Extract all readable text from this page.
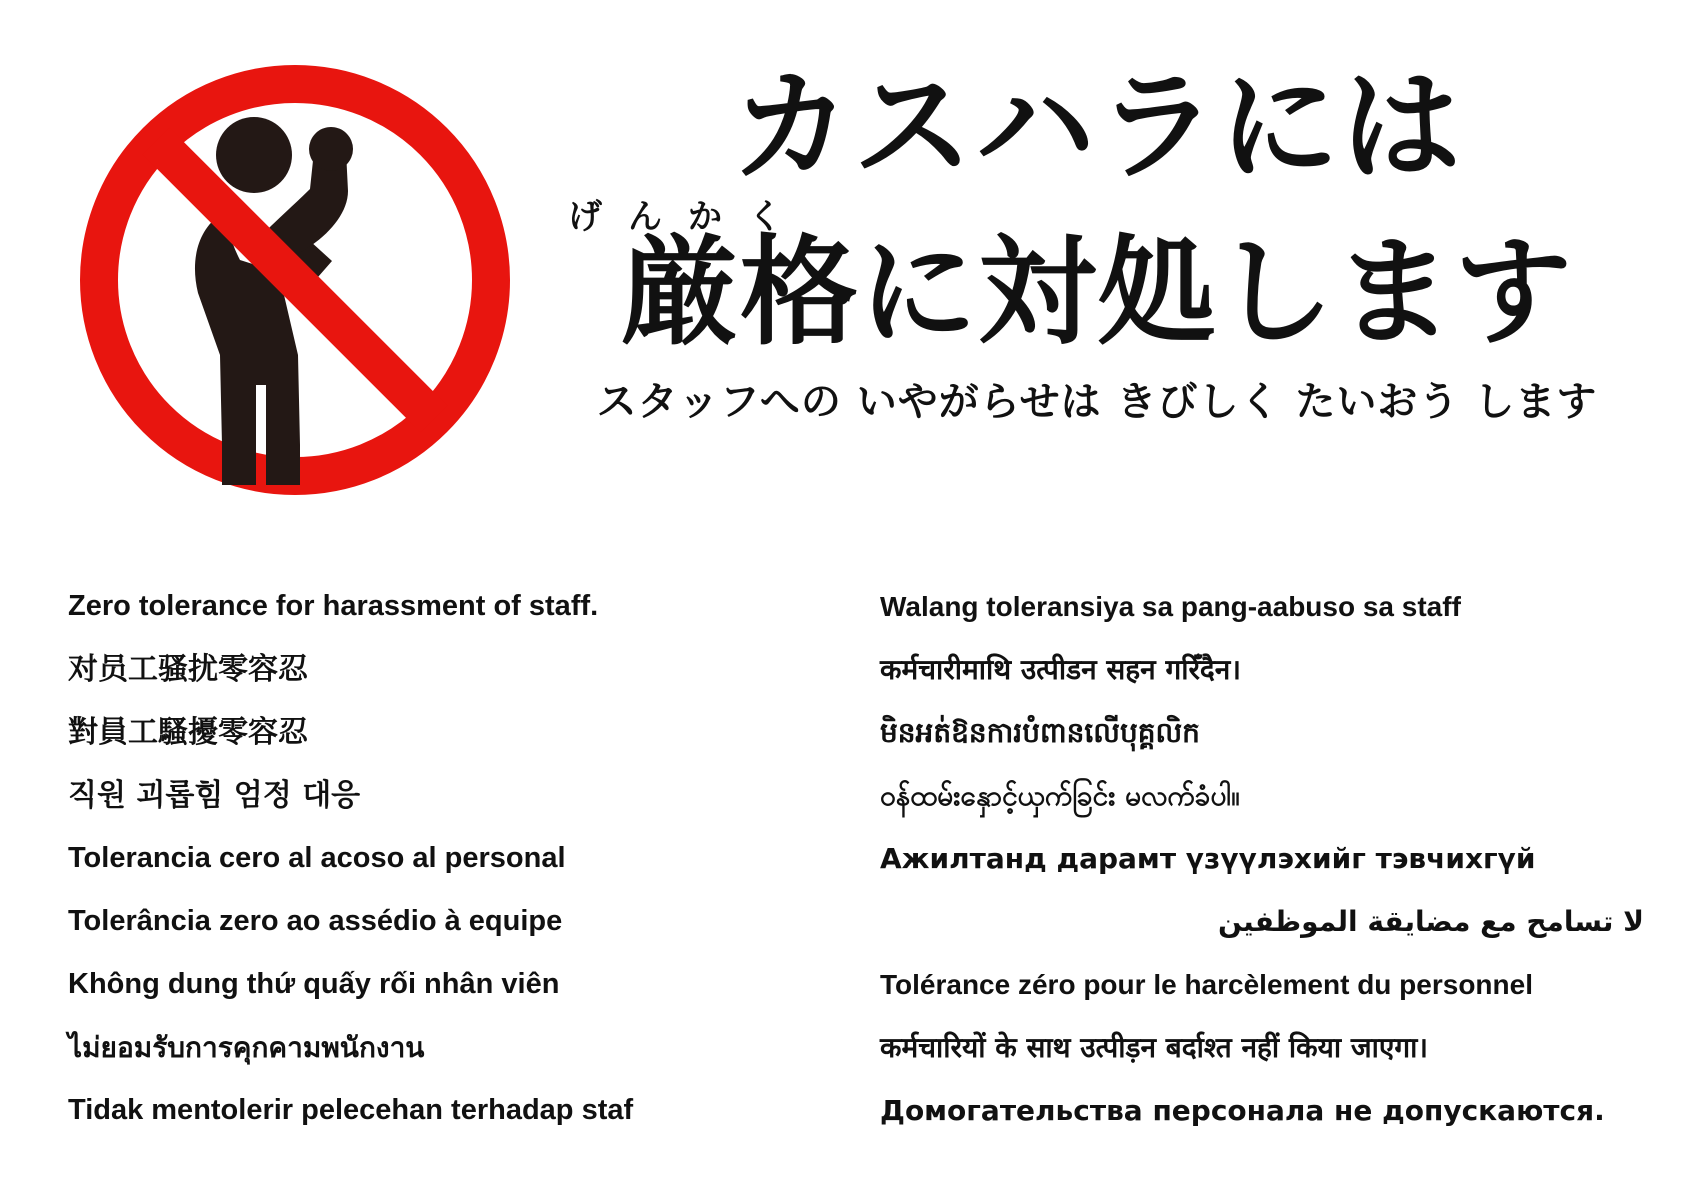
カスハラには
げんかく
厳格に対処します
スタッフへの いやがらせは きびしく たいおう します
Zero tolerance for harassment of staff.
对员工骚扰零容忍
對員工騷擾零容忍
직원 괴롭힘 엄정 대응
Tolerancia cero al acoso al personal
Tolerância zero ao assédio à equipe
Không dung thứ quấy rối nhân viên
ไม่ยอมรับการคุกคามพนักงาน
Tidak mentolerir pelecehan terhadap staf
Walang toleransiya sa pang-aabuso sa staff
कर्मचारीमाथि उत्पीडन सहन गरिँदैन।
មិនអត់ឱនការបំពានលើបុគ្គលិក
ဝန်ထမ်းနှောင့်ယှက်ခြင်း မလက်ခံပါ။
Ажилтанд дарамт үзүүлэхийг тэвчихгүй
لا تسامح مع مضايقة الموظفين
Tolérance zéro pour le harcèlement du personnel
कर्मचारियों के साथ उत्पीड़न बर्दाश्त नहीं किया जाएगा।
Домогательства персонала не допускаются.
